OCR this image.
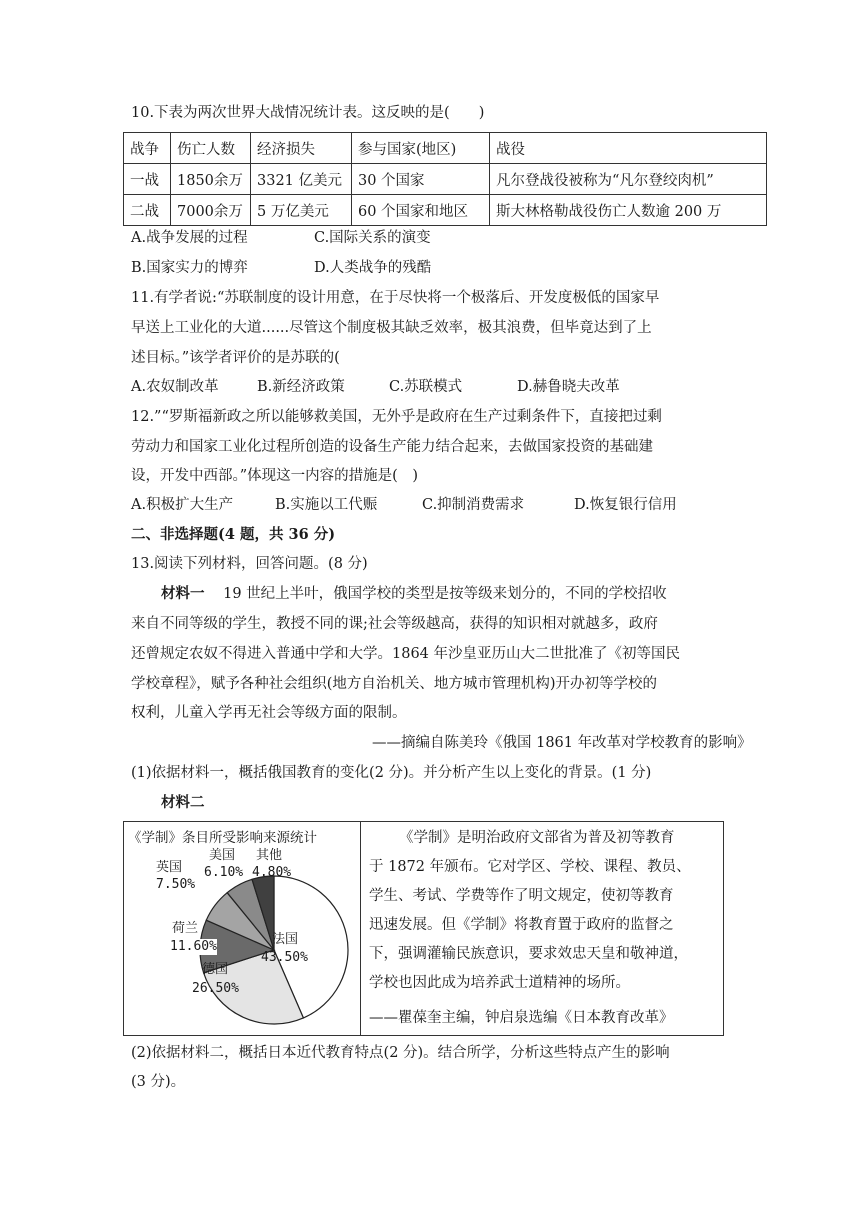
10.下表为两次世界大战情况统计表。这反映的是(　　)
战争	伤亡人数	经济损失	参与国家(地区)	战役
一战	1850余万	3321 亿美元	30 个国家	凡尔登战役被称为“凡尔登绞肉机”
二战	7000余万	5 万亿美元	60 个国家和地区	斯大林格勒战役伤亡人数逾 200 万
A.战争发展的过程	C.国际关系的演变
B.国家实力的博弈	D.人类战争的残酷
11.有学者说:“苏联制度的设计用意，在于尽快将一个极落后、开发度极低的国家早
早送上工业化的大道......尽管这个制度极其缺乏效率，极其浪费，但毕竟达到了上
述目标。”该学者评价的是苏联的(
A.农奴制改革	B.新经济政策	C.苏联模式	D.赫鲁晓夫改革
12.”“罗斯福新政之所以能够救美国，无外乎是政府在生产过剩条件下，直接把过剩
劳动力和国家工业化过程所创造的设备生产能力结合起来，去做国家投资的基础建
设，开发中西部。”体现这一内容的措施是(　)
A.积极扩大生产	B.实施以工代赈	C.抑制消费需求	D.恢复银行信用
二、非选择题(4 题，共 36 分)
13.阅读下列材料，回答问题。(8 分)
材料一 19 世纪上半叶，俄国学校的类型是按等级来划分的，不同的学校招收
来自不同等级的学生，教授不同的课;社会等级越高，获得的知识相对就越多，政府
还曾规定农奴不得进入普通中学和大学。1864 年沙皇亚历山大二世批准了《初等国民
学校章程》，赋予各种社会组织(地方自治机关、地方城市管理机构)开办初等学校的
权利，儿童入学再无社会等级方面的限制。
——摘编自陈美玲《俄国 1861 年改革对学校教育的影响》
(1)依据材料一，概括俄国教育的变化(2 分)。并分析产生以上变化的背景。(1 分)
材料二
《学制》条目所受影响来源统计
英国
7.50%
美国
6.10%
其他
4.80%
荷兰
11.60%
德国
26.50%
法国
43.50%
《学制》是明治政府文部省为普及初等教育
于 1872 年颁布。它对学区、学校、课程、教员、
学生、考试、学费等作了明文规定，使初等教育
迅速发展。但《学制》将教育置于政府的监督之
下，强调灌输民族意识，要求效忠天皇和敬神道，
学校也因此成为培养武士道精神的场所。
——瞿葆奎主编，钟启泉选编《日本教育改革》
(2)依据材料二，概括日本近代教育特点(2 分)。结合所学，分析这些特点产生的影响
(3 分)。
